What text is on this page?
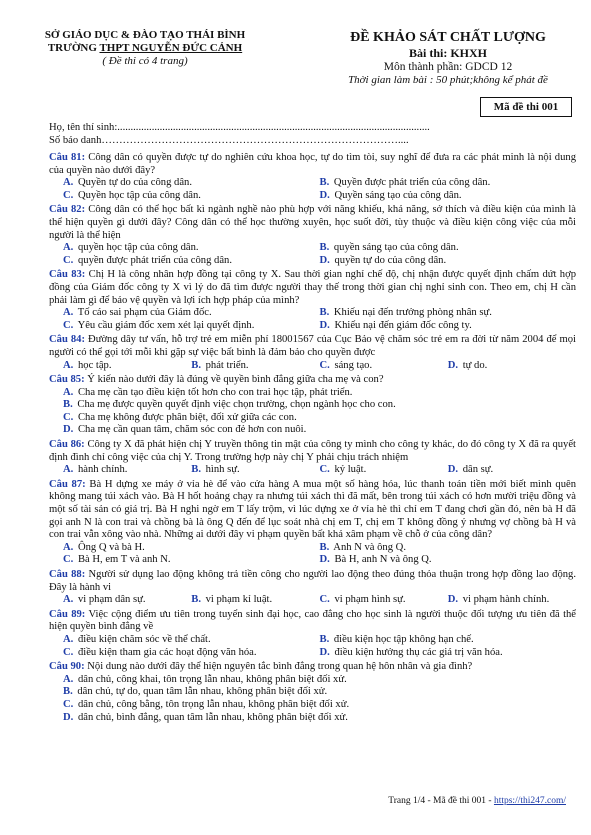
SỞ GIÁO DỤC & ĐÀO TẠO THÁI BÌNH
TRƯỜNG THPT NGUYỄN ĐỨC CẢNH
( Đề thi có 4 trang)
ĐỀ KHẢO SÁT CHẤT LƯỢNG
Bài thi: KHXH
Môn thành phần: GDCD 12
Thời gian làm bài : 50 phút;không kể phát đề
Mã đề thi 001
Họ, tên thí sinh:......................................................................................................................
Số báo danh…………………………………………………………………………....
Câu 81: Công dân có quyền được tự do nghiên cứu khoa học, tự do tìm tòi, suy nghĩ để đưa ra các phát minh là nội dung của quyền nào dưới đây?
A. Quyền tự do của công dân.	B. Quyền được phát triển của công dân.
C. Quyền học tập của công dân.	D. Quyền sáng tạo của công dân.
Câu 82: Công dân có thể học bất kì ngành nghề nào phù hợp với năng khiếu, khả năng, sở thích và điều kiện của mình là thể hiện quyền gì dưới đây? Công dân có thể học thường xuyên, học suốt đời, tùy thuộc và điều kiện công việc của mỗi người là thể hiện
A. quyền học tập của công dân.	B. quyền sáng tạo của công dân.
C. quyền được phát triển của công dân.	D. quyền tự do của công dân.
Câu 83: Chị H là công nhân hợp đồng tại công ty X. Sau thời gian nghỉ chế độ, chị nhận được quyết định chấm dứt hợp đồng của Giám đốc công ty X vì lý do đã tìm được người thay thế trong thời gian chị nghỉ sinh con. Theo em, chị H cần phải làm gì để bảo vệ quyền và lợi ích hợp pháp của mình?
A. Tố cáo sai phạm của Giám đốc.	B. Khiếu nại đến trưởng phòng nhân sự.
C. Yêu cầu giám đốc xem xét lại quyết định.	D. Khiếu nại đến giám đốc công ty.
Câu 84: Đường dây tư vấn, hỗ trợ trẻ em miễn phí 18001567 của Cục Bảo vệ chăm sóc trẻ em ra đời từ năm 2004 để mọi người có thể gọi tới mỗi khi gặp sự việc bất bình là đảm bảo cho quyền được
A. học tập.	B. phát triển.	C. sáng tạo.	D. tự do.
Câu 85: Ý kiến nào dưới đây là đúng về quyền bình đẳng giữa cha mẹ và con?
A. Cha mẹ cần tạo điều kiện tốt hơn cho con trai học tập, phát triển.
B. Cha mẹ được quyền quyết định việc chọn trường, chọn ngành học cho con.
C. Cha mẹ không được phân biệt, đối xử giữa các con.
D. Cha mẹ cần quan tâm, chăm sóc con đẻ hơn con nuôi.
Câu 86: Công ty X đã phát hiện chị Y truyền thông tin mật của công ty mình cho công ty khác, do đó công ty X đã ra quyết định đình chỉ công việc của chị Y. Trong trường hợp này chị Y phải chịu trách nhiệm
A. hành chính.	B. hình sự.	C. kỷ luật.	D. dân sự.
Câu 87: Bà H dựng xe máy ở vỉa hè để vào cửa hàng A mua một số hàng hóa, lúc thanh toán tiền mới biết mình quên không mang túi xách vào. Bà H hốt hoảng chạy ra nhưng túi xách thì đã mất, bên trong túi xách có hơn mười triệu đồng và một số tài sản có giá trị. Bà H nghi ngờ em T lấy trộm, vì lúc dựng xe ở vỉa hè thì chỉ em T đang chơi gần đó, nên bà H đã gọi anh N là con trai và chồng bà là ông Q đến để lục soát nhà chị em T, chị em T không đồng ý nhưng vợ chồng bà H và con trai vẫn xông vào nhà. Những ai dưới đây vi phạm quyền bất khả xâm phạm về chỗ ở của công dân?
A. Ông Q và bà H.	B. Anh N và ông Q.
C. Bà H, em T và anh N.	D. Bà H, anh N và ông Q.
Câu 88: Người sử dụng lao động không trả tiền công cho người lao động theo đúng thỏa thuận trong hợp đồng lao động. Đây là hành vi
A. vi phạm dân sự.	B. vi phạm kỉ luật.	C. vi phạm hình sự.	D. vi phạm hành chính.
Câu 89: Việc cộng điểm ưu tiên trong tuyển sinh đại học, cao đẳng cho học sinh là người thuộc đối tượng ưu tiên đã thể hiện quyền bình đẳng về
A. điều kiện chăm sóc về thể chất.	B. điều kiện học tập không hạn chế.
C. điều kiện tham gia các hoạt động văn hóa.	D. điều kiện hưởng thụ các giá trị văn hóa.
Câu 90: Nội dung nào dưới đây thể hiện nguyên tắc bình đẳng trong quan hệ hôn nhân và gia đình?
A. dân chủ, công khai, tôn trọng lẫn nhau, không phân biệt đối xử.
B. dân chủ, tự do, quan tâm lẫn nhau, không phân biệt đối xử.
C. dân chủ, công bằng, tôn trọng lẫn nhau, không phân biệt đối xử.
D. dân chủ, bình đẳng, quan tâm lẫn nhau, không phân biệt đối xử.
Trang 1/4 - Mã đề thi 001 - https://thi247.com/
